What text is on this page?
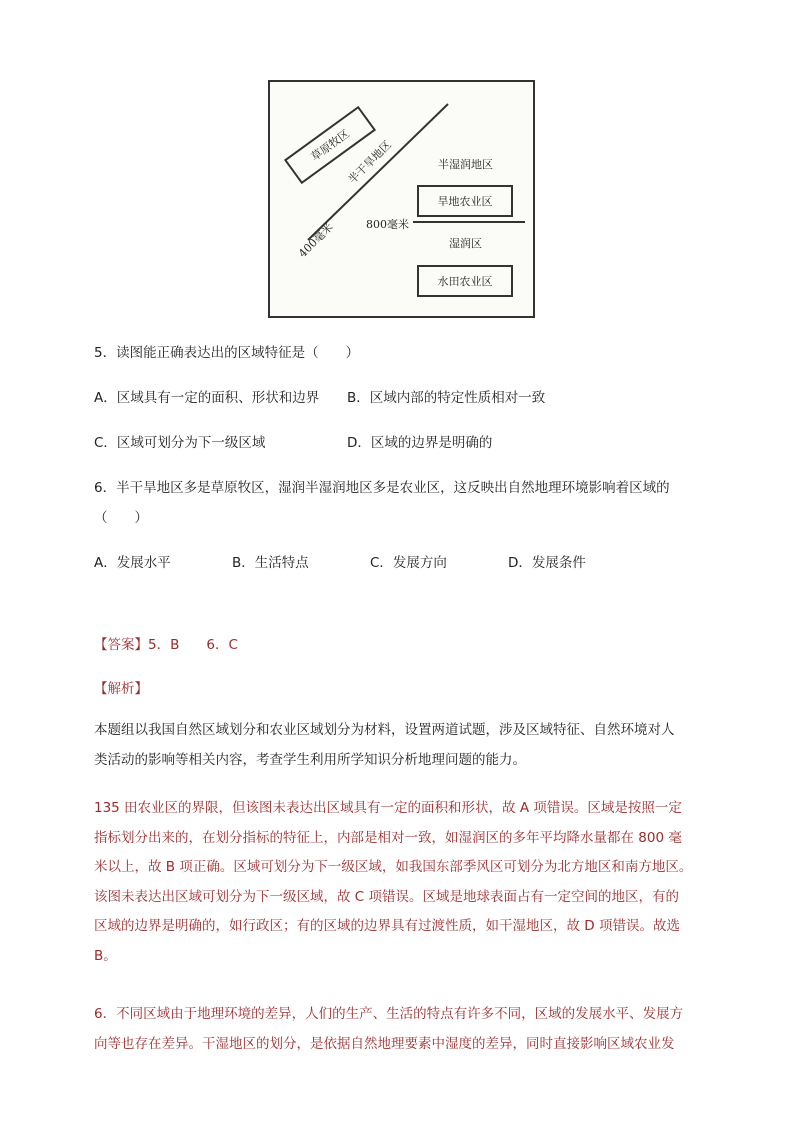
草原牧区
半干旱地区
400毫米	800毫米
半湿润地区
旱地农业区
湿润区
水田农业区
5．读图能正确表达出的区域特征是（　　）
A．区域具有一定的面积、形状和边界 B．区域内部的特定性质相对一致
C．区域可划分为下一级区域	D．区域的边界是明确的
6．半干旱地区多是草原牧区，湿润半湿润地区多是农业区，这反映出自然地理环境影响着区域的
（　　）
A．发展水平	B．生活特点	C．发展方向	D．发展条件
【答案】5．B　　6．C
【解析】
本题组以我国自然区域划分和农业区域划分为材料，设置两道试题，涉及区域特征、自然环境对人
类活动的影响等相关内容，考查学生利用所学知识分析地理问题的能力。
135 田农业区的界限，但该图未表达出区域具有一定的面积和形状，故 A 项错误。区域是按照一定
指标划分出来的，在划分指标的特征上，内部是相对一致，如湿润区的多年平均降水量都在 800 毫
米以上，故 B 项正确。区域可划分为下一级区域，如我国东部季风区可划分为北方地区和南方地区。
该图未表达出区域可划分为下一级区域，故 C 项错误。区域是地球表面占有一定空间的地区，有的
区域的边界是明确的，如行政区；有的区域的边界具有过渡性质，如干湿地区，故 D 项错误。故选
B。
6．不同区域由于地理环境的差异，人们的生产、生活的特点有许多不同，区域的发展水平、发展方
向等也存在差异。干湿地区的划分，是依据自然地理要素中湿度的差异，同时直接影响区域农业发
